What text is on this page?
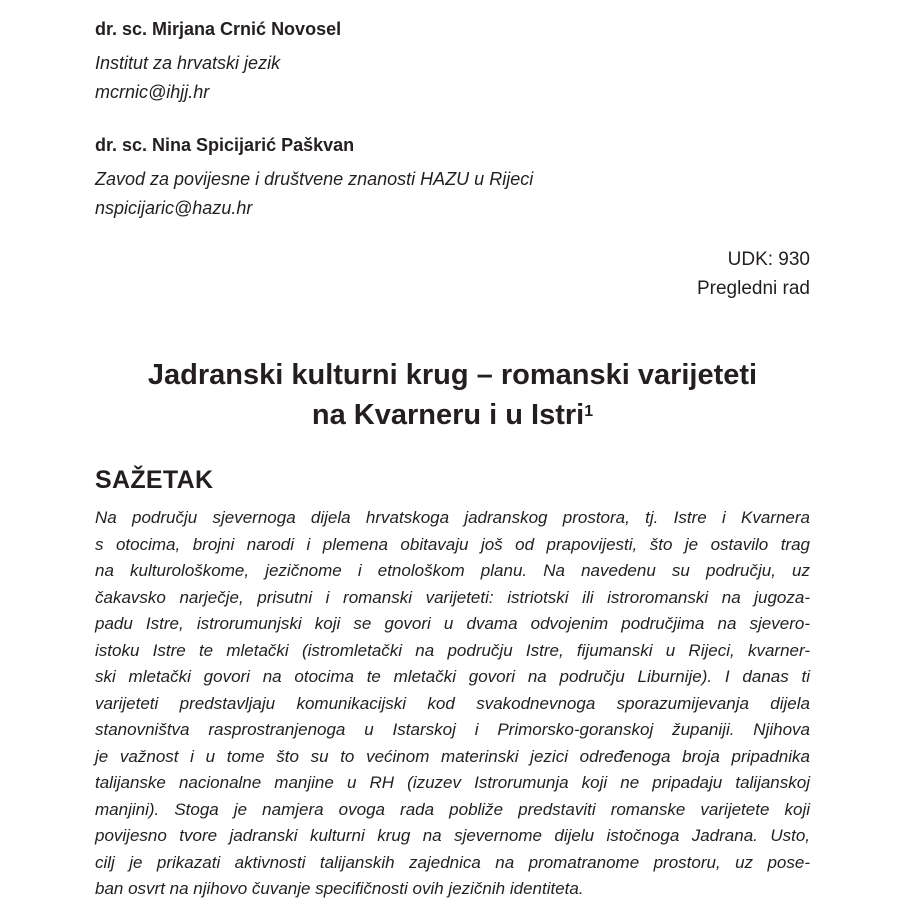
dr. sc. Mirjana Crnić Novosel
Institut za hrvatski jezik
mcrnic@ihjj.hr
dr. sc. Nina Spicijarić Paškvan
Zavod za povijesne i društvene znanosti HAZU u Rijeci
nspicijaric@hazu.hr
UDK: 930
Pregledni rad
Jadranski kulturni krug – romanski varijeteti
na Kvarneru i u Istri$^1$
SAŽETAK
Na području sjevernoga dijela hrvatskoga jadranskog prostora, tj. Istre i Kvarnera
s otocima, brojni narodi i plemena obitavaju još od prapovijesti, što je ostavilo trag
na kulturološkome, jezičnome i etnološkom planu. Na navedenu su području, uz
čakavsko narječje, prisutni i romanski varijeteti: istriotski ili istroromanski na jugoza-
padu Istre, istrorumunjski koji se govori u dvama odvojenim područjima na sjevero-
istoku Istre te mletački (istromletački na području Istre, fijumanski u Rijeci, kvarner-
ski mletački govori na otocima te mletački govori na području Liburnije). I danas ti
varijeteti predstavljaju komunikacijski kod svakodnevnoga sporazumijevanja dijela
stanovništva rasprostranjenoga u Istarskoj i Primorsko-goranskoj županiji. Njihova
je važnost i u tome što su to većinom materinski jezici određenoga broja pripadnika
talijanske nacionalne manjine u RH (izuzev Istrorumunja koji ne pripadaju talijanskoj
manjini). Stoga je namjera ovoga rada pobliže predstaviti romanske varijetete koji
povijesno tvore jadranski kulturni krug na sjevernome dijelu istočnoga Jadrana. Usto,
cilj je prikazati aktivnosti talijanskih zajednica na promatranome prostoru, uz pose-
ban osvrt na njihovo čuvanje specifičnosti ovih jezičnih identiteta.
